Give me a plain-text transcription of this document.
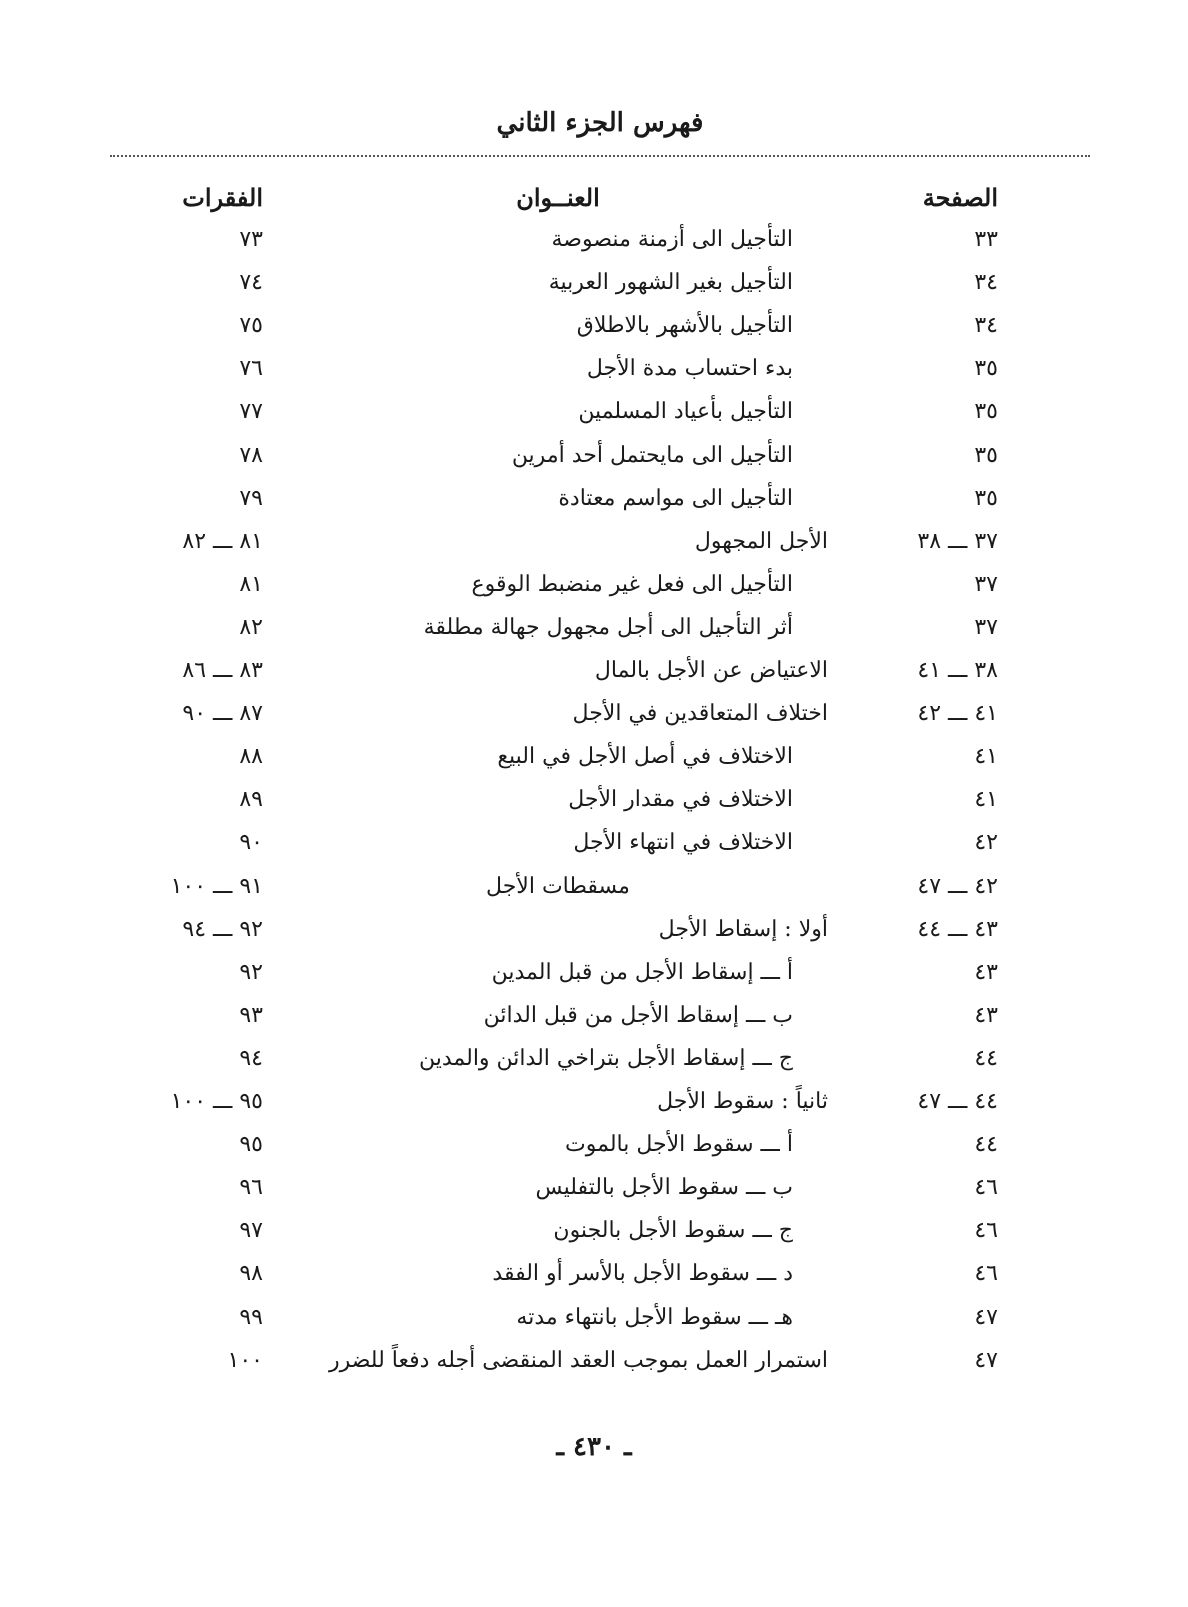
فهرس الجزء الثاني
الصفحة
العنــوان
الفقرات
٣٣
التأجيل الى أزمنة منصوصة
٧٣
٣٤
التأجيل بغير الشهور العربية
٧٤
٣٤
التأجيل بالأشهر بالاطلاق
٧٥
٣٥
بدء احتساب مدة الأجل
٧٦
٣٥
التأجيل بأعياد المسلمين
٧٧
٣٥
التأجيل الى مايحتمل أحد أمرين
٧٨
٣٥
التأجيل الى مواسم معتادة
٧٩
٣٧ ـــ ٣٨
الأجل المجهول
٨١ ـــ ٨٢
٣٧
التأجيل الى فعل غير منضبط الوقوع
٨١
٣٧
أثر التأجيل الى أجل مجهول جهالة مطلقة
٨٢
٣٨ ـــ ٤١
الاعتياض عن الأجل بالمال
٨٣ ـــ ٨٦
٤١ ـــ ٤٢
اختلاف المتعاقدين في الأجل
٨٧ ـــ ٩٠
٤١
الاختلاف في أصل الأجل في البيع
٨٨
٤١
الاختلاف في مقدار الأجل
٨٩
٤٢
الاختلاف في انتهاء الأجل
٩٠
٤٢ ـــ ٤٧
مسقطات الأجل
٩١ ـــ ١٠٠
٤٣ ـــ ٤٤
أولا : إسقاط الأجل
٩٢ ـــ ٩٤
٤٣
أ ـــ إسقاط الأجل من قبل المدين
٩٢
٤٣
ب ـــ إسقاط الأجل من قبل الدائن
٩٣
٤٤
ج ـــ إسقاط الأجل بتراخي الدائن والمدين
٩٤
٤٤ ـــ ٤٧
ثانياً : سقوط الأجل
٩٥ ـــ ١٠٠
٤٤
أ ـــ سقوط الأجل بالموت
٩٥
٤٦
ب ـــ سقوط الأجل بالتفليس
٩٦
٤٦
ج ـــ سقوط الأجل بالجنون
٩٧
٤٦
د ـــ سقوط الأجل بالأسر أو الفقد
٩٨
٤٧
هـ ـــ سقوط الأجل بانتهاء مدته
٩٩
٤٧
استمرار العمل بموجب العقد المنقضى أجله دفعاً للضرر
١٠٠
ـ ٤٣٠ ـ
